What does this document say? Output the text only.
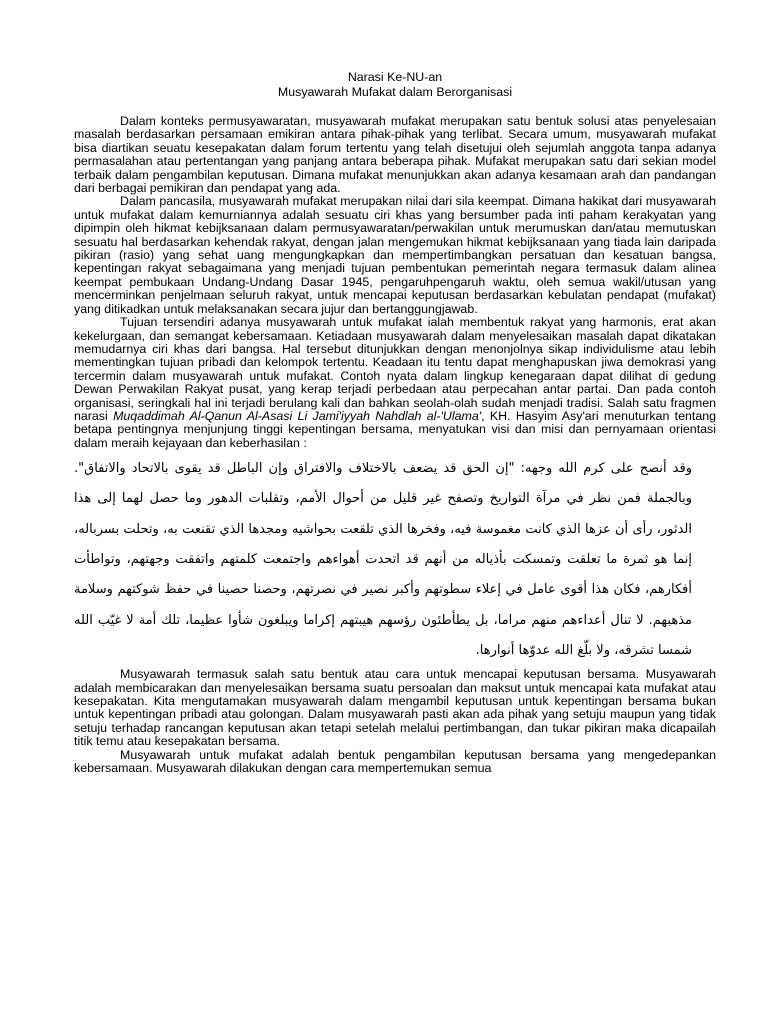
Narasi Ke-NU-an

Musyawarah Mufakat dalam Berorganisasi

Dalam konteks permusyawaratan, musyawarah mufakat merupakan satu bentuk solusi atas penyelesaian masalah berdasarkan persamaan emikiran antara pihak-pihak yang terlibat. Secara umum, musyawarah mufakat bisa diartikan seuatu kesepakatan dalam forum tertentu yang telah disetujui oleh sejumlah anggota tanpa adanya permasalahan atau pertentangan yang panjang antara beberapa pihak. Mufakat merupakan satu dari sekian model terbaik dalam pengambilan keputusan. Dimana mufakat menunjukkan akan adanya kesamaan arah dan pandangan dari berbagai pemikiran dan pendapat yang ada.

Dalam pancasila, musyawarah mufakat merupakan nilai dari sila keempat. Dimana hakikat dari musyawarah untuk mufakat dalam kemurniannya adalah sesuatu ciri khas yang bersumber pada inti paham kerakyatan yang dipimpin oleh hikmat kebijksanaan dalam permusyawaratan/perwakilan untuk merumuskan dan/atau memutuskan sesuatu hal berdasarkan kehendak rakyat, dengan jalan mengemukan hikmat kebijksanaan yang tiada lain daripada pikiran (rasio) yang sehat uang mengungkapkan dan mempertimbangkan persatuan dan kesatuan bangsa, kepentingan rakyat sebagaimana yang menjadi tujuan pembentukan pemerintah negara termasuk dalam alinea keempat pembukaan Undang-Undang Dasar 1945, pengaruhpengaruh waktu, oleh semua wakil/utusan yang mencerminkan penjelmaan seluruh rakyat, untuk mencapai keputusan berdasarkan kebulatan pendapat (mufakat) yang ditikadkan untuk melaksanakan secara jujur dan bertanggungjawab.

Tujuan tersendiri adanya musyawarah untuk mufakat ialah membentuk rakyat yang harmonis, erat akan kekelurgaan, dan semangat kebersamaan. Ketiadaan musyawarah dalam menyelesaikan masalah dapat dikatakan memudarnya ciri khas dari bangsa. Hal tersebut ditunjukkan dengan menonjolnya sikap individulisme atau lebih mementingkan tujuan pribadi dan kelompok tertentu. Keadaan itu tentu dapat menghapuskan jiwa demokrasi yang tercermin dalam musyawarah untuk mufakat. Contoh nyata dalam lingkup kenegaraan dapat dilihat di gedung Dewan Perwakilan Rakyat pusat, yang kerap terjadi perbedaan atau perpecahan antar partai. Dan pada contoh organisasi, seringkali hal ini terjadi berulang kali dan bahkan seolah-olah sudah menjadi tradisi. Salah satu fragmen narasi Muqaddimah Al-Qanun Al-Asasi Li Jami'iyyah Nahdlah al-'Ulama', KH. Hasyim Asy'ari menuturkan tentang betapa pentingnya menjunjung tinggi kepentingan bersama, menyatukan visi dan misi dan pernyamaan orientasi dalam meraih kejayaan dan keberhasilan :

وقد أنصح على كرم الله وجهه: "إن الحق قد يضعف بالاختلاف والافتراق وإن الباطل قد يقوى بالاتحاد والاتفاق". وبالجملة فمن نظر في مرآة التواريخ وتصفح غير قليل من أحوال الأمم، وتقلبات الدهور وما حصل لهما إلى هذا الدثور، رأى أن عزها الذي كانت مغموسة فيه، وفخرها الذي تلقعت بحواشيه ومجدها الذي تقنعت به، وتحلت بسرباله، إنما هو ثمرة ما تعلقت وتمسكت بأذياله من أنهم قد اتحدت أهواءهم واجتمعت كلمتهم واتفقت وجهتهم، وتواطأت أفكارهم، فكان هذا أقوى عامل في إعلاء سطوتهم وأكبر نصير في نصرتهم، وحصنا حصينا في حفظ شوكتهم وسلامة مذهبهم. لا تنال أعداءهم منهم مراما، بل يطأطئون رؤسهم هيبتهم إكراما ويبلغون شأوا عظيما، تلك أمة لا غيّب الله شمسا تشرقه، ولا بلّغ الله عدوّها أنوارها.

Musyawarah termasuk salah satu bentuk atau cara untuk mencapai keputusan bersama. Musyawarah adalah membicarakan dan menyelesaikan bersama suatu persoalan dan maksut untuk mencapai kata mufakat atau kesepakatan. Kita mengutamakan musyawarah dalam mengambil keputusan untuk kepentingan bersama bukan untuk kepentingan pribadi atau golongan. Dalam musyawarah pasti akan ada pihak yang setuju maupun yang tidak setuju terhadap rancangan keputusan akan tetapi setelah melalui pertimbangan, dan tukar pikiran maka dicapailah titik temu atau kesepakatan bersama.

Musyawarah untuk mufakat adalah bentuk pengambilan keputusan bersama yang mengedepankan kebersamaan. Musyawarah dilakukan dengan cara mempertemukan semua
